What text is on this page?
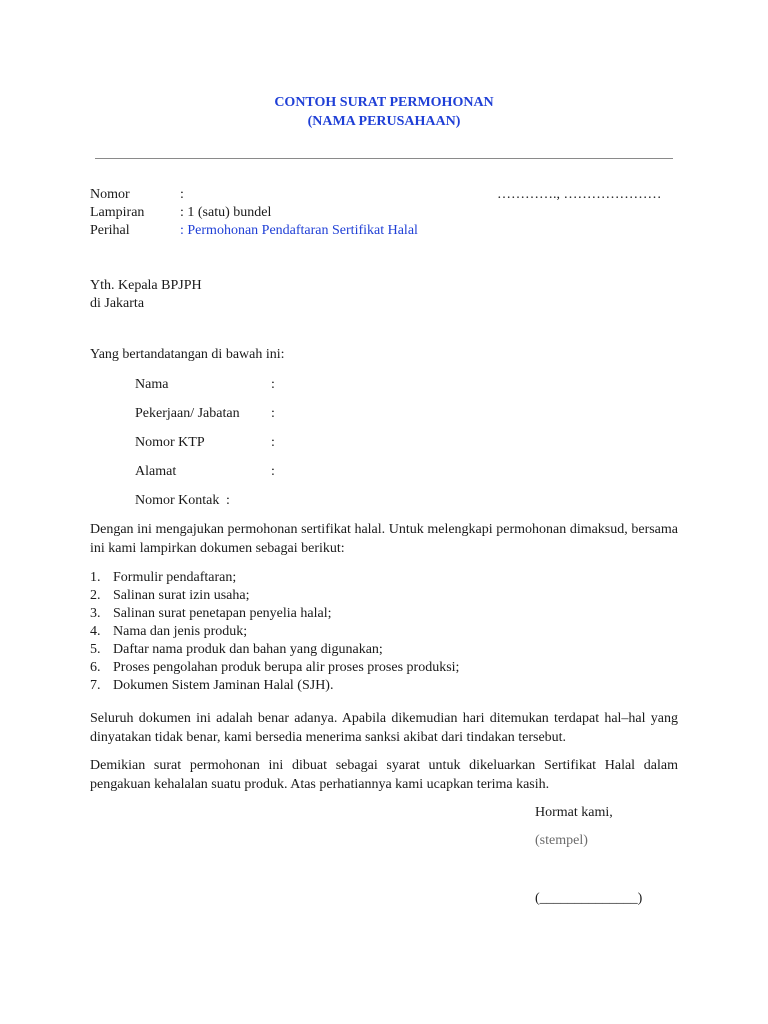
CONTOH SURAT PERMOHONAN
(NAMA PERUSAHAAN)
Nomor	:	…………., …………………
Lampiran	: 1 (satu) bundel
Perihal	: Permohonan Pendaftaran Sertifikat Halal
Yth. Kepala BPJPH
di Jakarta
Yang bertandatangan di bawah ini:
Nama	:
Pekerjaan/ Jabatan :
Nomor KTP	:
Alamat	:
Nomor Kontak :
Dengan ini mengajukan permohonan sertifikat halal. Untuk melengkapi permohonan dimaksud, bersama ini kami lampirkan dokumen sebagai berikut:
1. Formulir pendaftaran;
2. Salinan surat izin usaha;
3. Salinan surat penetapan penyelia halal;
4. Nama dan jenis produk;
5. Daftar nama produk dan bahan yang digunakan;
6. Proses pengolahan produk berupa alir proses proses produksi;
7. Dokumen Sistem Jaminan Halal (SJH).
Seluruh dokumen ini adalah benar adanya. Apabila dikemudian hari ditemukan terdapat hal–hal yang dinyatakan tidak benar, kami bersedia menerima sanksi akibat dari tindakan tersebut.
Demikian surat permohonan ini dibuat sebagai syarat untuk dikeluarkan Sertifikat Halal dalam pengakuan kehalalan suatu produk. Atas perhatiannya kami ucapkan terima kasih.
Hormat kami,
(stempel)
(______________)
